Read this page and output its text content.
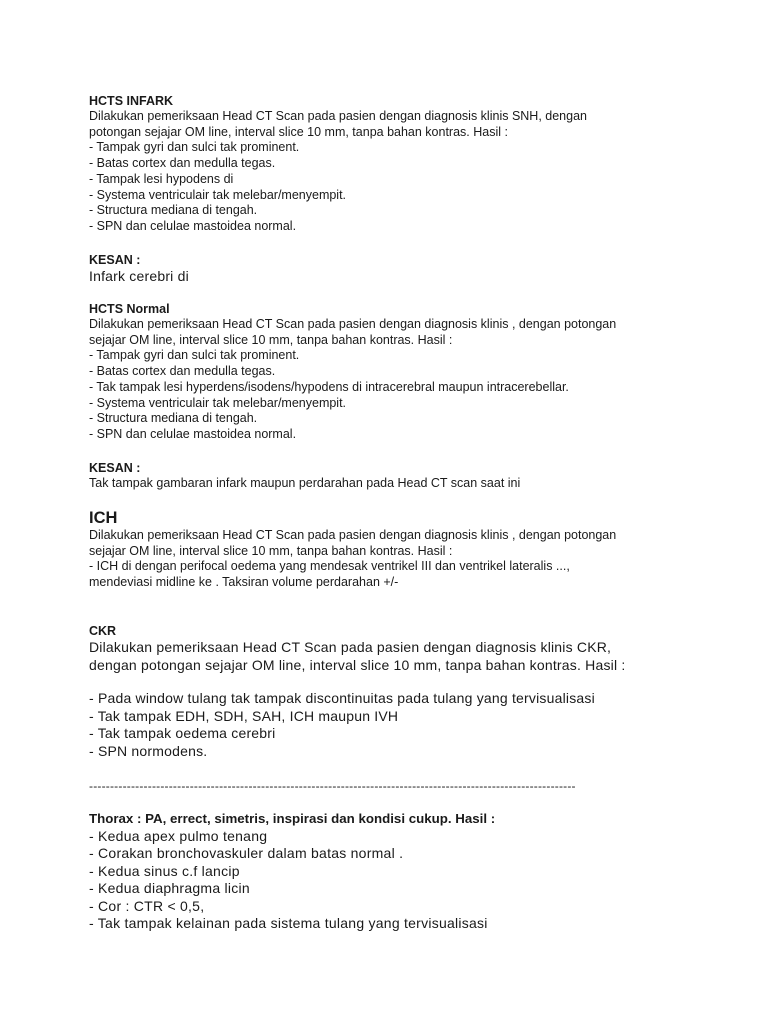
HCTS INFARK

Dilakukan pemeriksaan Head CT Scan pada pasien dengan diagnosis klinis SNH, dengan

potongan sejajar OM line, interval slice 10 mm, tanpa bahan kontras. Hasil :

- Tampak gyri dan sulci tak prominent.
- Batas cortex dan medulla tegas.
- Tampak lesi hypodens di
- Systema ventriculair tak melebar/menyempit.
- Structura mediana di tengah.
- SPN dan celulae mastoidea normal.

KESAN :

Infark cerebri di

HCTS Normal

Dilakukan pemeriksaan Head CT Scan pada pasien dengan diagnosis klinis , dengan potongan

sejajar OM line, interval slice 10 mm, tanpa bahan kontras. Hasil :

- Tampak gyri dan sulci tak prominent.
- Batas cortex dan medulla tegas.
- Tak tampak lesi hyperdens/isodens/hypodens di intracerebral maupun intracerebellar.
- Systema ventriculair tak melebar/menyempit.
- Structura mediana di tengah.
- SPN dan celulae mastoidea normal.

KESAN :

Tak tampak gambaran infark maupun perdarahan pada Head CT scan saat ini

ICH

Dilakukan pemeriksaan Head CT Scan pada pasien dengan diagnosis klinis , dengan potongan

sejajar OM line, interval slice 10 mm, tanpa bahan kontras. Hasil :

- ICH di dengan perifocal oedema yang mendesak ventrikel III dan ventrikel lateralis ...,

mendeviasi midline ke . Taksiran volume perdarahan +/-

CKR

Dilakukan pemeriksaan Head CT Scan pada pasien dengan diagnosis klinis CKR,

dengan potongan sejajar OM line, interval slice 10 mm, tanpa bahan kontras. Hasil :

- Pada window tulang tak tampak discontinuitas pada tulang yang tervisualisasi
- Tak tampak EDH, SDH, SAH, ICH maupun IVH
- Tak tampak oedema cerebri
- SPN normodens.

--------------------------------------------------------------------------------------------------------------------

Thorax : PA, errect, simetris, inspirasi dan kondisi cukup. Hasil :

- Kedua apex pulmo tenang
- Corakan bronchovaskuler dalam batas normal .
- Kedua sinus c.f lancip
- Kedua diaphragma licin
- Cor : CTR < 0,5,
- Tak tampak kelainan pada sistema tulang yang tervisualisasi
